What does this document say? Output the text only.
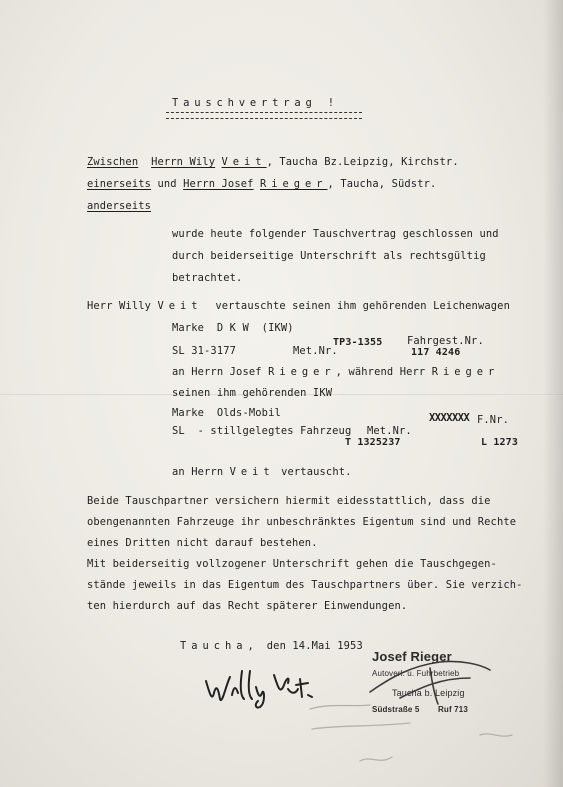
Tauschvertrag !
Zwischen Herrn Wily Veit, Taucha Bz.Leipzig, Kirchstr.
einerseits und Herrn Josef Rieger, Taucha, Südstr.
anderseits
wurde heute folgender Tauschvertrag geschlossen und
durch beiderseitige Unterschrift als rechtsgültig
betrachtet.
Herr Willy Veit vertauschte seinen ihm gehörenden Leichenwagen
Marke  D K W  (IKW)
SL 31-3177	Met.Nr.
TP3-1355 Fahrgest.Nr.
117 4246
an Herrn Josef Rieger, während Herr Rieger
seinen ihm gehörenden IKW
Marke  Olds-Mobil
SL  - stillgelegtes Fahrzeug Met.Nr.
XXXXXXX F.Nr.
T 1325237	L 1273
an Herrn Veit vertauscht.
Beide Tauschpartner versichern hiermit eidesstattlich, dass die
obengenannten Fahrzeuge ihr unbeschränktes Eigentum sind und Rechte
eines Dritten nicht darauf bestehen.
Mit beiderseitig vollzogener Unterschrift gehen die Tauschgegen-
stände jeweils in das Eigentum des Tauschpartners über. Sie verzich-
ten hierdurch auf das Recht späterer Einwendungen.
Taucha,  den 14.Mai 1953
Josef Rieger
Autoverl. u. Fuhrbetrieb
Taucha b. Leipzig
Südstraße 5 Ruf 713
